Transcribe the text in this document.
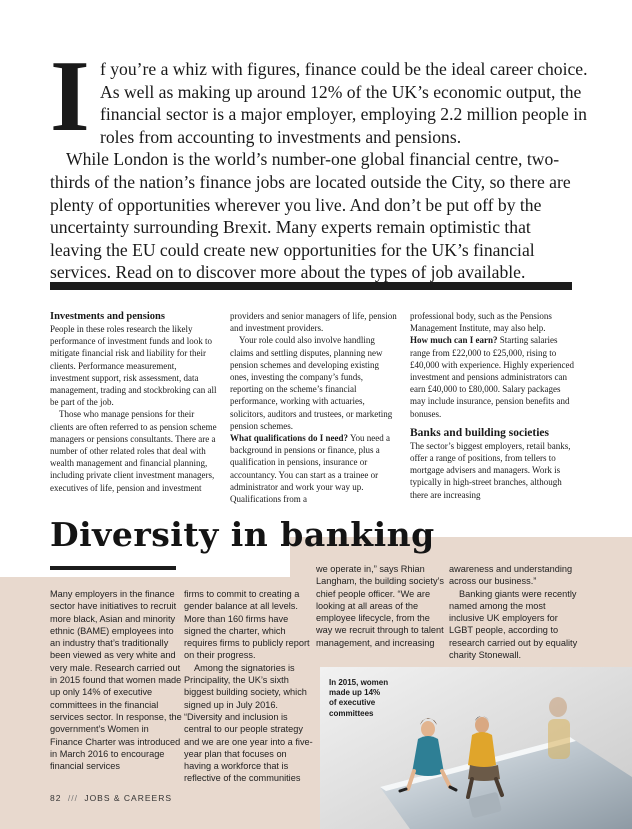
I f you’re a whiz with figures, finance could be the ideal career choice.
As well as making up around 12% of the UK’s economic output, the
financial sector is a major employer, employing 2.2 million people in
roles from accounting to investments and pensions.

While London is the world’s number-one global financial centre, two-thirds of the nation’s finance jobs are located outside the City, so there are plenty of opportunities wherever you live. And don’t be put off by the uncertainty surrounding Brexit. Many experts remain optimistic that leaving the EU could create new opportunities for the UK’s financial services. Read on to discover more about the types of job available.

Investments and pensions

People in these roles research the likely performance of investment funds and look to mitigate financial risk and liability for their clients. Performance measurement, investment support, risk assessment, data management, trading and stockbroking can all be part of the job.

Those who manage pensions for their clients are often referred to as pension scheme managers or pensions consultants. There are a number of other related roles that deal with wealth management and financial planning, including private client investment managers, executives of life, pension and investment

providers and senior managers of life, pension and investment providers.

Your role could also involve handling claims and settling disputes, planning new pension schemes and developing existing ones, investing the company’s funds, reporting on the scheme’s financial performance, working with actuaries, solicitors, auditors and trustees, or marketing pension schemes.

What qualifications do I need? You need a background in pensions or finance, plus a qualification in pensions, insurance or accountancy. You can start as a trainee or administrator and work your way up. Qualifications from a

professional body, such as the Pensions Management Institute, may also help.

How much can I earn? Starting salaries range from £22,000 to £25,000, rising to £40,000 with experience. Highly experienced investment and pensions administrators can earn £40,000 to £80,000. Salary packages may include insurance, pension benefits and bonuses.

Banks and building societies

The sector’s biggest employers, retail banks, offer a range of positions, from tellers to mortgage advisers and managers. Work is typically in high-street branches, although there are increasing

Diversity in banking

Many employers in the finance sector have initiatives to recruit more black, Asian and minority ethnic (BAME) employees into an industry that’s traditionally been viewed as very white and very male. Research carried out in 2015 found that women made up only 14% of executive committees in the financial services sector. In response, the government’s Women in Finance Charter was introduced in March 2016 to encourage financial services

firms to commit to creating a gender balance at all levels. More than 160 firms have signed the charter, which requires firms to publicly report on their progress.

Among the signatories is Principality, the UK’s sixth biggest building society, which signed up in July 2016. “Diversity and inclusion is central to our people strategy and we are one year into a five-year plan that focuses on having a workforce that is reflective of the communities

we operate in,” says Rhian Langham, the building society’s chief people officer. “We are looking at all areas of the employee lifecycle, from the way we recruit through to talent management, and increasing

awareness and understanding across our business.”

Banking giants were recently named among the most inclusive UK employers for LGBT people, according to research carried out by equality charity Stonewall.

In 2015, women made up 14% of executive committees
82 /// JOBS & CAREERS
